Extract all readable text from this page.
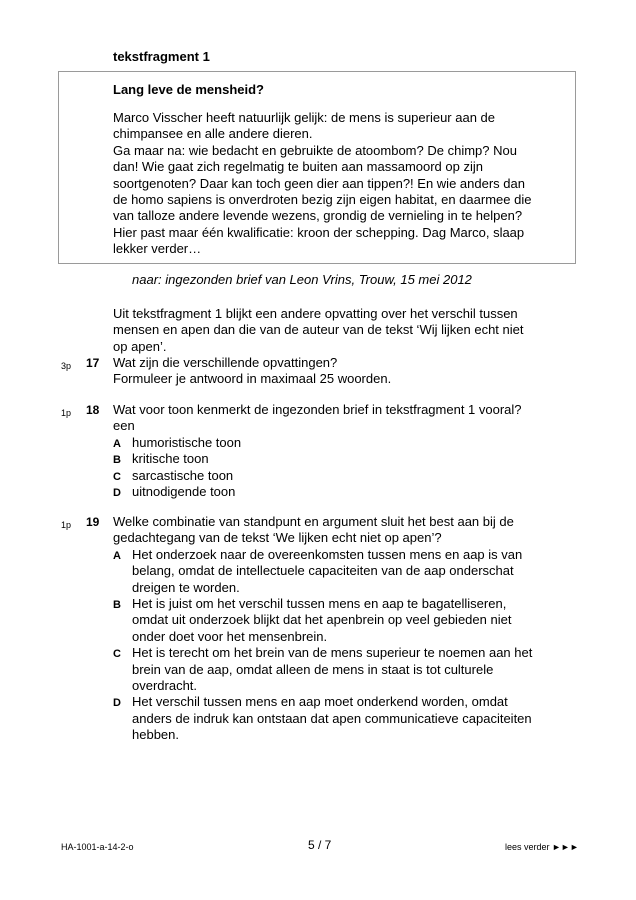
tekstfragment 1
Lang leve de mensheid?

Marco Visscher heeft natuurlijk gelijk: de mens is superieur aan de

chimpansee en alle andere dieren.

Ga maar na: wie bedacht en gebruikte de atoombom? De chimp? Nou

dan! Wie gaat zich regelmatig te buiten aan massamoord op zijn

soortgenoten? Daar kan toch geen dier aan tippen?! En wie anders dan

de homo sapiens is onverdroten bezig zijn eigen habitat, en daarmee die

van talloze andere levende wezens, grondig de vernieling in te helpen?

Hier past maar één kwalificatie: kroon der schepping. Dag Marco, slaap

lekker verder…

naar: ingezonden brief van Leon Vrins, Trouw, 15 mei 2012

Uit tekstfragment 1 blijkt een andere opvatting over het verschil tussen

mensen en apen dan die van de auteur van de tekst ‘Wij lijken echt niet

op apen’.

3p 17 Wat zijn die verschillende opvattingen?

Formuleer je antwoord in maximaal 25 woorden.

1p 18 Wat voor toon kenmerkt de ingezonden brief in tekstfragment 1 vooral?

een

A humoristische toon
B kritische toon
C sarcastische toon
D uitnodigende toon
1p 19 Welke combinatie van standpunt en argument sluit het best aan bij de

gedachtegang van de tekst ‘We lijken echt niet op apen’?

A Het onderzoek naar de overeenkomsten tussen mens en aap is van

belang, omdat de intellectuele capaciteiten van de aap onderschat

dreigen te worden.

B Het is juist om het verschil tussen mens en aap te bagatelliseren,

omdat uit onderzoek blijkt dat het apenbrein op veel gebieden niet

onder doet voor het mensenbrein.

C Het is terecht om het brein van de mens superieur te noemen aan het

brein van de aap, omdat alleen de mens in staat is tot culturele

overdracht.

D Het verschil tussen mens en aap moet onderkend worden, omdat

anders de indruk kan ontstaan dat apen communicatieve capaciteiten

hebben.

HA-1001-a-14-2-o	5 / 7	lees verder ►►►
